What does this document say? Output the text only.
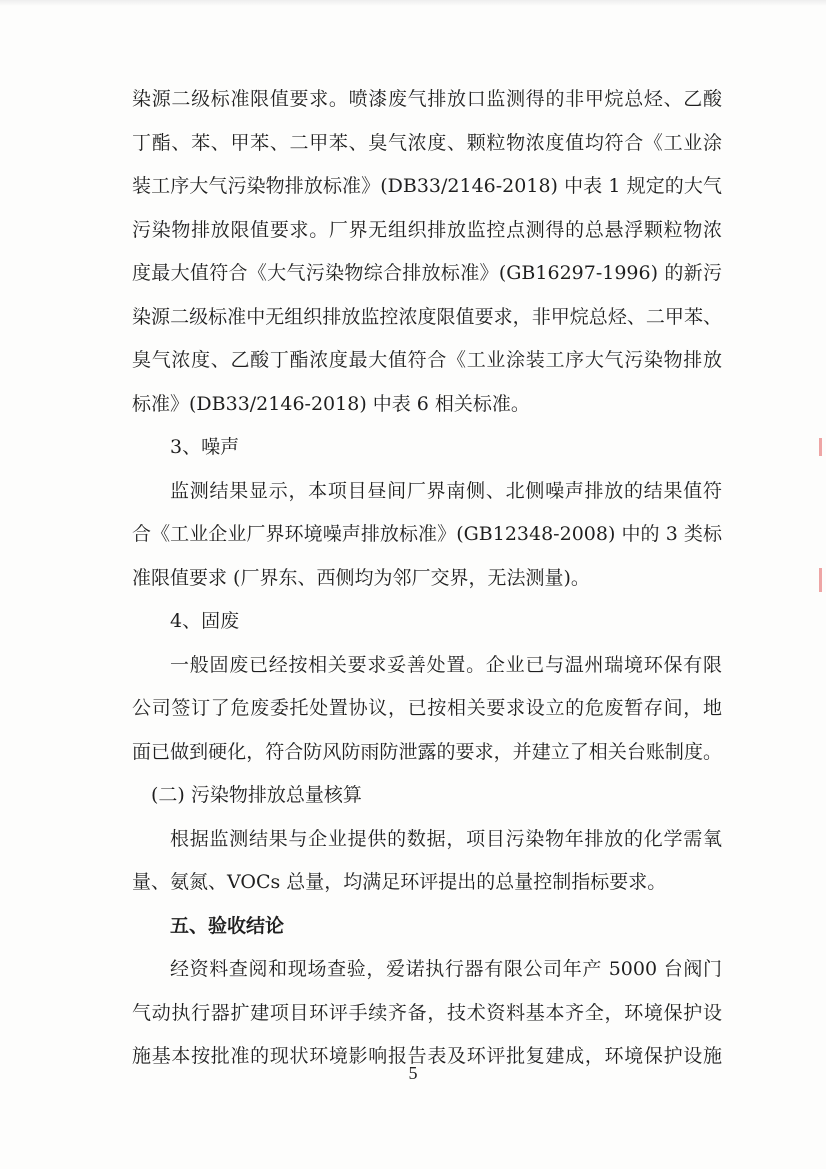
染源二级标准限值要求。喷漆废气排放口监测得的非甲烷总烃、乙酸
丁酯、苯、甲苯、二甲苯、臭气浓度、颗粒物浓度值均符合《工业涂
装工序大气污染物排放标准》(DB33/2146-2018) 中表 1 规定的大气
污染物排放限值要求。厂界无组织排放监控点测得的总悬浮颗粒物浓
度最大值符合《大气污染物综合排放标准》(GB16297-1996) 的新污
染源二级标准中无组织排放监控浓度限值要求，非甲烷总烃、二甲苯、
臭气浓度、乙酸丁酯浓度最大值符合《工业涂装工序大气污染物排放
标准》(DB33/2146-2018) 中表 6 相关标准。
3、噪声
监测结果显示，本项目昼间厂界南侧、北侧噪声排放的结果值符
合《工业企业厂界环境噪声排放标准》(GB12348-2008) 中的 3 类标
准限值要求 (厂界东、西侧均为邻厂交界，无法测量)。
4、固废
一般固废已经按相关要求妥善处置。企业已与温州瑞境环保有限
公司签订了危废委托处置协议，已按相关要求设立的危废暂存间，地
面已做到硬化，符合防风防雨防泄露的要求，并建立了相关台账制度。
(二) 污染物排放总量核算
根据监测结果与企业提供的数据，项目污染物年排放的化学需氧
量、氨氮、VOCs 总量，均满足环评提出的总量控制指标要求。
五、验收结论
经资料查阅和现场查验，爱诺执行器有限公司年产 5000 台阀门
气动执行器扩建项目环评手续齐备，技术资料基本齐全，环境保护设
施基本按批准的现状环境影响报告表及环评批复建成，环境保护设施
5
